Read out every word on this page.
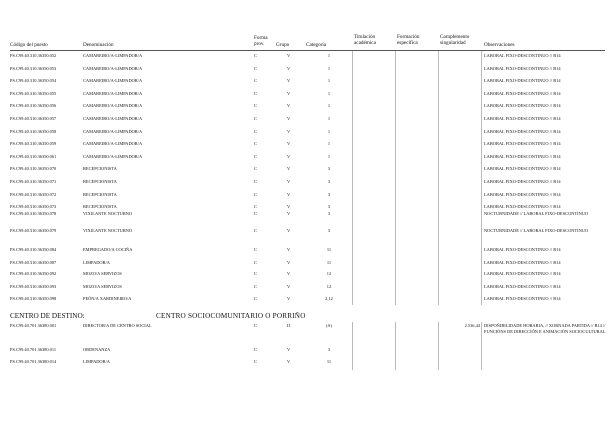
Código del puesto	Denominación
Forma
prov.	Grupo	Categoría
Titulación
académica
Formación
específica
Complemento
singularidad	Observaciones
PS.C99.40.310.36350.052	CAMAREIRO/A-LIMPADOR/A	C	V	1	LABORAL FIXO-DESCONTINUO // B14
PS.C99.40.310.36350.053	CAMAREIRO/A-LIMPADOR/A	C	V	1	LABORAL FIXO-DESCONTINUO // B14
PS.C99.40.310.36350.054	CAMAREIRO/A-LIMPADOR/A	C	V	1	LABORAL FIXO-DESCONTINUO // B14
PS.C99.40.310.36350.055	CAMAREIRO/A-LIMPADOR/A	C	V	1	LABORAL FIXO-DESCONTINUO // B14
PS.C99.40.310.36350.056	CAMAREIRO/A-LIMPADOR/A	C	V	1	LABORAL FIXO-DESCONTINUO // B14
PS.C99.40.310.36350.057	CAMAREIRO/A-LIMPADOR/A	C	V	1	LABORAL FIXO-DESCONTINUO // B14
PS.C99.40.310.36350.058	CAMAREIRO/A-LIMPADOR/A	C	V	1	LABORAL FIXO-DESCONTINUO // B14
PS.C99.40.310.36350.059	CAMAREIRO/A-LIMPADOR/A	C	V	1	LABORAL FIXO-DESCONTINUO // B14
PS.C99.40.310.36350.061	CAMAREIRO/A-LIMPADOR/A	C	V	1	LABORAL FIXO-DESCONTINUO // B14
PS.C99.40.310.36350.070	RECEPCIONISTA	C	V	3	LABORAL FIXO-DESCONTINUO // B14
PS.C99.40.310.36350.071	RECEPCIONISTA	C	V	3	LABORAL FIXO-DESCONTINUO // B14
PS.C99.40.310.36350.072	RECEPCIONISTA	C	V	3	LABORAL FIXO-DESCONTINUO // B14
PS.C99.40.310.36350.073	RECEPCIONISTA	C	V	3	LABORAL FIXO-DESCONTINUO // B14
PS.C99.40.310.36350.078	VIXILANTE NOCTURNO	C	V	3	NOCTURNIDADE // LABORAL FIXO-DESCONTINUO
PS.C99.40.310.36350.079	VIXILANTE NOCTURNO	C	V	3	NOCTURNIDADE // LABORAL FIXO-DESCONTINUO
PS.C99.40.310.36350.084	EMPREGADO/A COCIÑA	C	V	11	LABORAL FIXO-DESCONTINUO // B14
PS.C99.40.310.36350.087	LIMPADOR/A	C	V	11	LABORAL FIXO-DESCONTINUO // B14
PS.C99.40.310.36350.092	MOZO/A SERVIZOS	C	V	12	LABORAL FIXO-DESCONTINUO // B14
PS.C99.40.310.36350.093	MOZO/A SERVIZOS	C	V	12	LABORAL FIXO-DESCONTINUO // B14
PS.C99.40.310.36350.098	PEÓN/A XARDINEIRO/A	C	V	2,12	LABORAL FIXO-DESCONTINUO // B14
CENTRO DE DESTINO:	CENTRO SOCIOCOMUNITARIO O PORRIÑO
PS.C99.40.701.36380.001	DIRECTOR/A DE CENTRO SOCIAL	C	II	(A)	2.536,44 DISPOÑIBILIDADE HORARIA, // XORNADA PARTIDA // B14 // FUNCIÓNS DE DIRECCIÓN E ANIMACIÓN SOCIOCULTURAL
PS.C99.40.701.36380.011	ORDENANZA	C	V	3
PS.C99.40.701.36380.014	LIMPADOR/A	C	V	11
